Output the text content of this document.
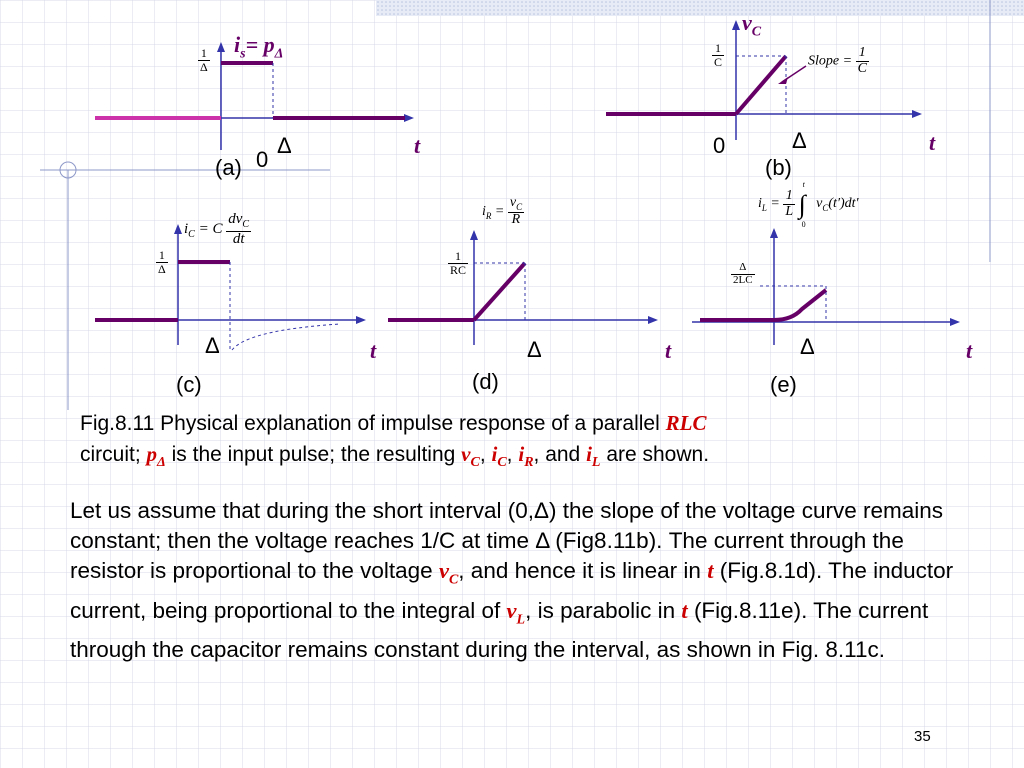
$i_s= p_\Delta$
$\frac{1}{\Delta}$
0
Δ	t
(a)
$v_C$
$\frac{1}{C}$	Slope = $\frac{1}{C}$
0	Δ	t
(b)
$i_C = C \frac{dv_C}{dt}$
$\frac{1}{\Delta}$
Δ	t
(c)
$i_R = \frac{v_C}{R}$
$\frac{1}{RC}$
Δ	t
(d)
$i_L = \frac{1}{L}$

t
∫
0
$v_C(t')dt'$
$\frac{\Delta}{2LC}$
Δ	t
(e)
Fig.8.11 Physical explanation of impulse response of a parallel RLC
circuit; $p_\Delta$ is the input pulse; the resulting $v_C$, $i_C$, $i_R$, and $i_L$ are shown.
Let us assume that during the short interval (0,Δ) the slope of the voltage curve remains constant; then the voltage reaches 1/C at time Δ (Fig8.11b). The current through the resistor is proportional to the voltage $v_C$, and hence it is linear in t (Fig.8.1d). The inductor current, being proportional to the integral of $v_L$, is parabolic in t (Fig.8.11e). The current through the capacitor remains constant during the interval, as shown in Fig. 8.11c.
35
